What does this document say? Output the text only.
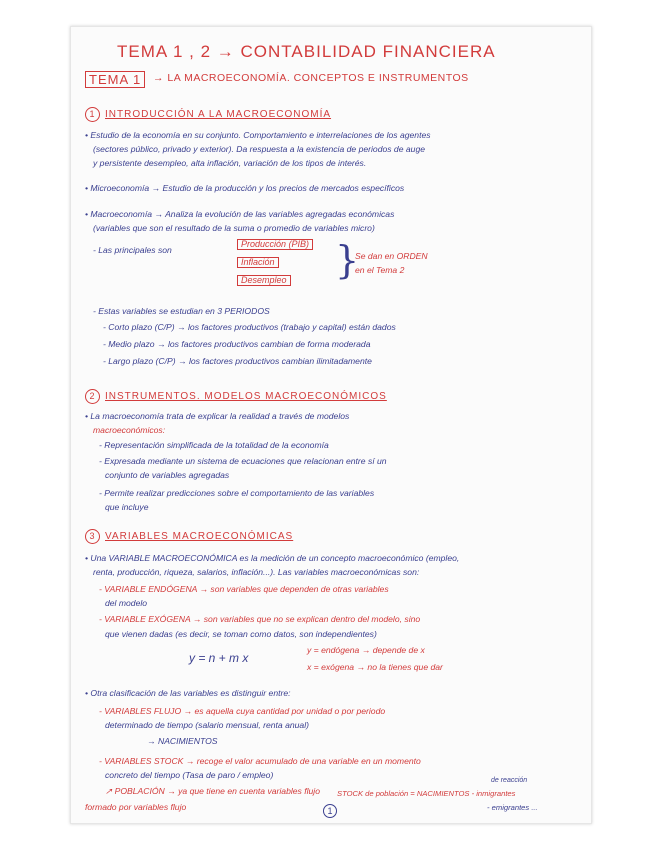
TEMA 1 , 2 → CONTABILIDAD FINANCIERA
TEMA 1	→ LA MACROECONOMÍA. CONCEPTOS E INSTRUMENTOS
1 INTRODUCCIÓN A LA MACROECONOMÍA
• Estudio de la economía en su conjunto. Comportamiento e interrelaciones de los agentes
(sectores público, privado y exterior). Da respuesta a la existencia de periodos de auge
y persistente desempleo, alta inflación, variación de los tipos de interés.
• Microeconomía → Estudio de la producción y los precios de mercados específicos
• Macroeconomía → Analiza la evolución de las variables agregadas económicas
(variables que son el resultado de la suma o promedio de variables micro)
- Las principales son
Producción (PIB)
Inflación
Desempleo }
Se dan en ORDEN
en el Tema 2
- Estas variables se estudian en 3 PERIODOS
- Corto plazo (C/P) → los factores productivos (trabajo y capital) están dados
- Medio plazo → los factores productivos cambian de forma moderada
- Largo plazo (C/P) → los factores productivos cambian ilimitadamente
2 INSTRUMENTOS. MODELOS MACROECONÓMICOS
• La macroeconomía trata de explicar la realidad a través de modelos
macroeconómicos:
- Representación simplificada de la totalidad de la economía
- Expresada mediante un sistema de ecuaciones que relacionan entre sí un
conjunto de variables agregadas
- Permite realizar predicciones sobre el comportamiento de las variables
que incluye
3 VARIABLES MACROECONÓMICAS
• Una VARIABLE MACROECONÓMICA es la medición de un concepto macroeconómico (empleo,
renta, producción, riqueza, salarios, inflación...). Las variables macroeconómicas son:
- VARIABLE ENDÓGENA → son variables que dependen de otras variables
del modelo
- VARIABLE EXÓGENA → son variables que no se explican dentro del modelo, sino
que vienen dadas (es decir, se toman como datos, son independientes)
y = n + m x
y = endógena → depende de x
x = exógena → no la tienes que dar
• Otra clasificación de las variables es distinguir entre:
- VARIABLES FLUJO → es aquella cuya cantidad por unidad o por periodo
determinado de tiempo (salario mensual, renta anual)
→ NACIMIENTOS
- VARIABLES STOCK → recoge el valor acumulado de una variable en un momento
concreto del tiempo (Tasa de paro / empleo)
↗ POBLACIÓN → ya que tiene en cuenta variables flujo
formado por variables flujo
de reacción
STOCK de población = NACIMIENTOS - inmigrantes
- emigrantes ...
1
